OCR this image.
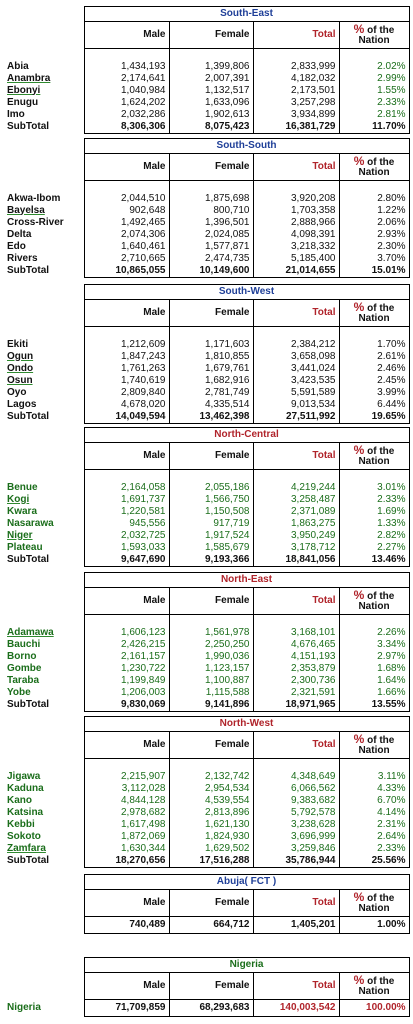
	South-East			
	Male	Female	Total	% of the
Nation

Abia	1,434,193	1,399,806	2,833,999	2.02%
Anambra	2,174,641	2,007,391	4,182,032	2.99%
Ebonyi	1,040,984	1,132,517	2,173,501	1.55%
Enugu	1,624,202	1,633,096	3,257,298	2.33%
Imo	2,032,286	1,902,613	3,934,899	2.81%
SubTotal	8,306,306	8,075,423	16,381,729	11.70%
	South-South			
	Male	Female	Total	% of the
Nation

Akwa-Ibom	2,044,510	1,875,698	3,920,208	2.80%
Bayelsa	902,648	800,710	1,703,358	1.22%
Cross-River	1,492,465	1,396,501	2,888,966	2.06%
Delta	2,074,306	2,024,085	4,098,391	2.93%
Edo	1,640,461	1,577,871	3,218,332	2.30%
Rivers	2,710,665	2,474,735	5,185,400	3.70%
SubTotal	10,865,055	10,149,600	21,014,655	15.01%
	South-West			
	Male	Female	Total	% of the
Nation

Ekiti	1,212,609	1,171,603	2,384,212	1.70%
Ogun	1,847,243	1,810,855	3,658,098	2.61%
Ondo	1,761,263	1,679,761	3,441,024	2.46%
Osun	1,740,619	1,682,916	3,423,535	2.45%
Oyo	2,809,840	2,781,749	5,591,589	3.99%
Lagos	4,678,020	4,335,514	9,013,534	6.44%
SubTotal	14,049,594	13,462,398	27,511,992	19.65%
	North-Central			
	Male	Female	Total	% of the
Nation

Benue	2,164,058	2,055,186	4,219,244	3.01%
Kogi	1,691,737	1,566,750	3,258,487	2.33%
Kwara	1,220,581	1,150,508	2,371,089	1.69%
Nasarawa	945,556	917,719	1,863,275	1.33%
Niger	2,032,725	1,917,524	3,950,249	2.82%
Plateau	1,593,033	1,585,679	3,178,712	2.27%
SubTotal	9,647,690	9,193,366	18,841,056	13.46%
	North-East			
	Male	Female	Total	% of the
Nation

Adamawa	1,606,123	1,561,978	3,168,101	2.26%
Bauchi	2,426,215	2,250,250	4,676,465	3.34%
Borno	2,161,157	1,990,036	4,151,193	2.97%
Gombe	1,230,722	1,123,157	2,353,879	1.68%
Taraba	1,199,849	1,100,887	2,300,736	1.64%
Yobe	1,206,003	1,115,588	2,321,591	1.66%
SubTotal	9,830,069	9,141,896	18,971,965	13.55%
	North-West			
	Male	Female	Total	% of the
Nation

Jigawa	2,215,907	2,132,742	4,348,649	3.11%
Kaduna	3,112,028	2,954,534	6,066,562	4.33%
Kano	4,844,128	4,539,554	9,383,682	6.70%
Katsina	2,978,682	2,813,896	5,792,578	4.14%
Kebbi	1,617,498	1,621,130	3,238,628	2.31%
Sokoto	1,872,069	1,824,930	3,696,999	2.64%
Zamfara	1,630,344	1,629,502	3,259,846	2.33%
SubTotal	18,270,656	17,516,288	35,786,944	25.56%
	Abuja( FCT )			
	Male	Female	Total	% of the
Nation

	740,489	664,712	1,405,201	1.00%
	Nigeria			
	Male	Female	Total	% of the
Nation

Nigeria	71,709,859	68,293,683	140,003,542	100.00%
